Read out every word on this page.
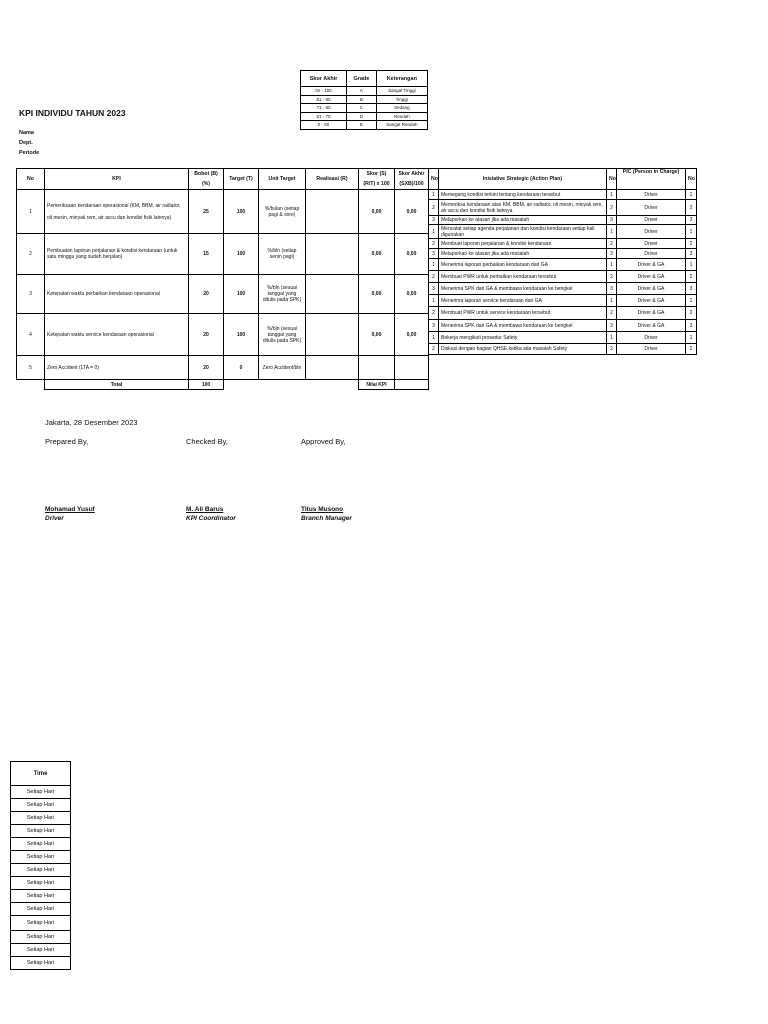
Skor Akhir	Grade	Keterangan
0n - 100	A	Sangat Tinggi
81 - 90	B	Tinggi
71 - 80	C	Sedang
51 - 70	D	Rendah
0 - 50	E	Sangat Rendah
KPI INDIVIDU TAHUN 2023
Nama
Dept.
Periode
No	KPI	Bobot (B) (%)	Target (T)	Unit Target	Realisasi (R)	Skor (S) (R/T) x 100	Skor Akhir (SXB)/100
1	Pemeriksaan kendaraan operasional (KM, BBM, air radiator, oli mesin, minyak rem, air accu dan kondisi fisik lainnya)	25	100	%/bulan (setiap pagi & sore)		0,00	0,00
2	Pembuatan laporan perjalanan & kondisi kendaraan (untuk satu minggu yang sudah berjalan)	15	100	%/bln (setiap senin pagi)		0,00	0,00
3	Ketepatan waktu perbaikan kendaraan operasional	20	100	%/bln (sesuai tanggal yang ditulis pada SPK)		0,00	0,00
4	Ketepatan waktu service kendaraan operasional	20	100	%/bln (sesuai tanggal yang ditulis pada SPK)		0,00	0,00
5	Zero Accident (LTA = 0)	20	0	Zero Accident/bln			
	Total	100				Nilai KPI	
No	Inisiative Strategic (Action Plan)	No	PIC (Person in Charge)	No
1	Memegang kondisi terkini tentang kendaraan tersebut	1	Driver	1
2	Memeriksa kendaraan atas KM, BBM, air radiator, oli mesin, minyak rem, air accu dan kondisi fisik lainnya	2	Driver	2
3	Melaporkan ke atasan jika ada masalah	3	Driver	3
1	Mencatat setiap agenda perjalanan dan kondisi kendaraan setiap kali digunakan	1	Driver	1
2	Membuat laporan perjalanan & kondisi kendaraan	2	Driver	2
3	Melaporkan ke atasan jika ada masalah	3	Driver	3
1	Menerima laporan perbaikan kendaraan dari GA	1	Driver & GA	1
2	Membuat PWR untuk perbaikan kendaraan tersebut	2	Driver & GA	2
3	Menerima SPK dari GA & membawa kendaraan ke bengkel	3	Driver & GA	3
1	Menerima laporan service kendaraan dari GA	1	Driver & GA	1
2	Membuat PWR untuk service kendaraan tersebut	2	Driver & GA	2
3	Menerima SPK dari GA & membawa kendaraan ke bengkel	3	Driver & GA	3
1	Bekerja mengikuti prosedur Safety	1	Driver	1
2	Diskusi dengan bagian QHSE ketika ada masalah Safety	2	Driver	2
Jakarta, 28 Desember 2023
Prepared By,	Checked By,	Approved By,
Mohamad Yusuf
Driver
M. Ali Barus
KPI Coordinator
Titus Musono
Branch Manager
Time
Setiap Hari
Setiap Hari
Setiap Hari
Setiap Hari
Setiap Hari
Setiap Hari
Setiap Hari
Setiap Hari
Setiap Hari
Setiap Hari
Setiap Hari
Setiap Hari
Setiap Hari
Setiap Hari
